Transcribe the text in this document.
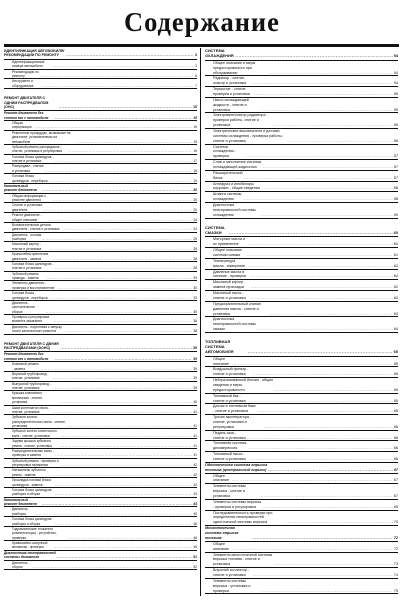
Содержание
ИДЕНТИФИКАЦИЯ АВТОМОБИЛЯ/РЕКОМЕНДАЦИИ ПО РЕМОНТУ .....	3
Идентификационные номера автомобиля .....	3
Рекомендации по ремонту .....	6
Инструмент и оборудование .....	7
РЕМОНТ ДВИГАТЕЛЯ С ОДНИМ РАСПРЕДВАЛОМ (OHC) .....	15
Ремонт двигателя без снятия его с автомобиля .....	15
Общая информация .....	15
Ремонтные процедуры, возможные на двигателе, установленном на автомобиле .....	15
Зубчатый ремень распредвала - снятие, установка и регулировка .....	15
Головка блока цилиндров - снятие и установка .....	17
Распредвал - снятие и установка .....	18
Головка блока цилиндров - переборка .....	19
Капитальный ремонт двигателя .....	20
Общая информация о ремонте двигателя .....	20
Снятие и установка двигателя .....	20
Ремонт двигателя - общее описание .....	24
Вспомогательные детали двигателя - снятие и установка .....	24
Двигатель - полная разборка .....	25
Масляный картер - снятие и установка .....	28
Кронштейны крепления двигателя - замена .....	28
Головка блока цилиндров - снятие и установка .....	28
Зубчатый ремень привода - замена .....	29
Элементы двигателя - проверка и восстановление .....	30
Головка блока цилиндров - переборка .....	33
Двигатель - окончательная сборка .....	35
Проверка и регулировка момента зажигания .....	38
Двигатель - подготовка к запуску после капитального ремонта .....	38
РЕМОНТ ДВИГАТЕЛЯ С ДВУМЯ РАСПРЕДВАЛАМИ (DOHC) .....	39
Ремонт двигателя без снятия его с автомобиля .....	39
Клиновой ремень - замена .....	39
Впускной трубопровод - снятие, установка .....	39
Выпускной трубопровод - снятие, установка .....	39
Крышка клапанного механизма - снятие, установка .....	40
Шкив коленчатого вала - снятие, установка .....	41
Зубчатое колесо распределительного вала - снятие, установка .....	41
Зубчатое колесо коленчатого вала - снятие, установка .....	41
Задняя крышка зубчатого ремня - снятие, установка .....	41
Распределительные валы - проверка и замена .....	41
Зубчатый ремень - проверка и регулировка натяжения .....	42
Натяжитель зубчатого ремня - замена .....	42
Прокладка головки блока цилиндров - замена .....	42
Головка блока цилиндров - разборка и сборка .....	43
Капитальный ремонт двигателя .....	44
Двигатель - разборка .....	45
Головка блока цилиндров - разборка и сборка .....	46
Гидравлические толкатели (компенсаторы) - устройство, проверка .....	48
Кривошипно-шатунный механизм - проверка .....	49
Диагностика неисправностей системы двигателя .....	51
Двигатель - сборка .....	52
СИСТЕМА ОХЛАЖДЕНИЯ .....	54
Общее описание и меры предосторожности при обслуживании .....	54
Радиатор - снятие, осмотр и установка .....	54
Термостат - снятие, проверка и установка .....	55
Насос охлаждающей жидкости - снятие и установка .....	55
Электровентилятор радиатора - проверка работы, снятие и установка .....	55
Электрические выключатели и датчики системы охлаждения - проверка работы, снятие и установка .....	56
Система охлаждения - проверка .....	57
Слив и заполнение системы охлаждающей жидкостью .....	57
Расширительный бачок .....	57
Антифриз и ингибиторы коррозии - общие сведения .....	58
Шланги системы охлаждения .....	58
Диагностика неисправностей системы охлаждения .....	59
СИСТЕМА СМАЗКИ .....	60
Моторные масла и их применение .....	60
Общее описание системы смазки .....	61
Температура масла - измерение .....	62
Давление масла в системе - проверка .....	62
Масляный картер - замена прокладки .....	62
Масляный насос - снятие и установка .....	62
Предохранительный клапан давления масла - снятие и установка .....	63
Диагностика неисправностей системы смазки .....	64
ТОПЛИВНАЯ СИСТЕМА АВТОМОБИЛЯ .....	65
Общее описание .....	65
Воздушный фильтр - снятие и установка .....	65
Нейтрализованный бензин - общие сведения и меры предосторожности .....	65
Топливный бак - снятие и установка .....	65
Датчик в топливном баке - снятие и установка .....	65
Тросик акселератора - снятие, установка и регулировка .....	66
Педаль газа - снятие и установка .....	66
Топливная система - декомпрессия .....	66
Топливный насос - снятие и установка .....	66
Одноточечная система впрыска топлива (центральный впрыск) .....	67
Общее описание .....	67
Элементы системы впрыска - снятие и установка .....	67
Элементы системы впрыска - проверка и регулировка .....	69
Последовательность проверки при определении неисправностей одноточечной системы впрыска .....	70
Многоточечная система впрыска топлива .....	72
Общее описание .....	72
Элементы многоточечной системы впрыска топлива - снятие и установка .....	73
Впускной коллектор - снятие и установка .....	74
Элементы системы впрыска - установка и проверка .....	75
